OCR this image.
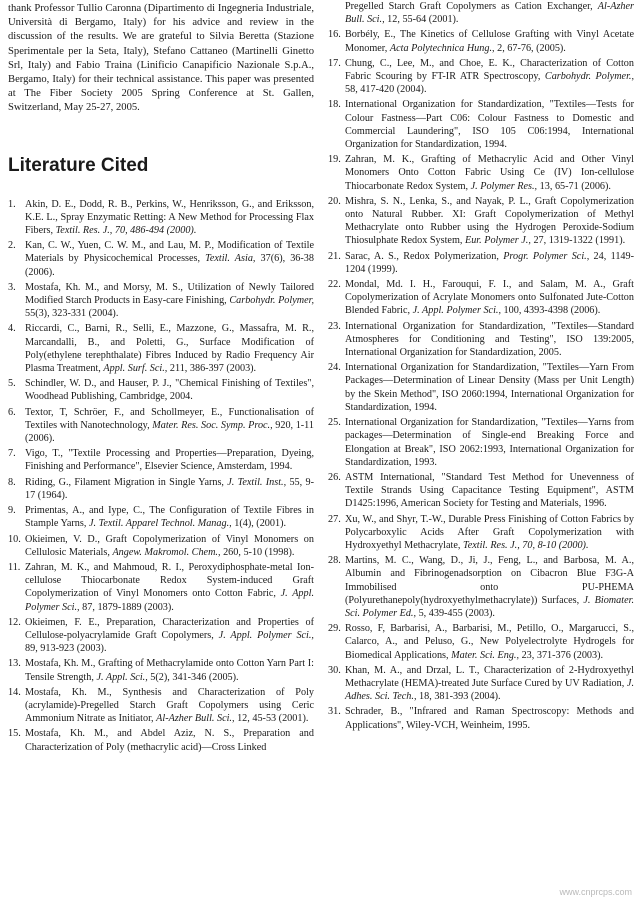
thank Professor Tullio Caronna (Dipartimento di Ingegneria Industriale, Università di Bergamo, Italy) for his advice and review in the discussion of the results. We are grateful to Silvia Beretta (Stazione Sperimentale per la Seta, Italy), Stefano Cattaneo (Martinelli Ginetto Srl, Italy) and Fabio Traina (Linificio Canapificio Nazionale S.p.A., Bergamo, Italy) for their technical assistance. This paper was presented at The Fiber Society 2005 Spring Conference at St. Gallen, Switzerland, May 25-27, 2005.

Literature Cited
1. Akin, D. E., Dodd, R. B., Perkins, W., Henriksson, G., and Eriksson, K.E. L., Spray Enzymatic Retting: A New Method for Processing Flax Fibers, Textil. Res. J., 70, 486-494 (2000).
2. Kan, C. W., Yuen, C. W. M., and Lau, M. P., Modification of Textile Materials by Physicochemical Processes, Textil. Asia, 37(6), 36-38 (2006).
3. Mostafa, Kh. M., and Morsy, M. S., Utilization of Newly Tailored Modified Starch Products in Easy-care Finishing, Carbohydr. Polymer, 55(3), 323-331 (2004).
4. Riccardi, C., Barni, R., Selli, E., Mazzone, G., Massafra, M. R., Marcandalli, B., and Poletti, G., Surface Modification of Poly(ethylene terephthalate) Fibres Induced by Radio Frequency Air Plasma Treatment, Appl. Surf. Sci., 211, 386-397 (2003).
5. Schindler, W. D., and Hauser, P. J., "Chemical Finishing of Textiles", Woodhead Publishing, Cambridge, 2004.
6. Textor, T, Schröer, F., and Schollmeyer, E., Functionalisation of Textiles with Nanotechnology, Mater. Res. Soc. Symp. Proc., 920, 1-11 (2006).
7. Vigo, T., "Textile Processing and Properties—Preparation, Dyeing, Finishing and Performance", Elsevier Science, Amsterdam, 1994.
8. Riding, G., Filament Migration in Single Yarns, J. Textil. Inst., 55, 9-17 (1964).
9. Primentas, A., and Iype, C., The Configuration of Textile Fibres in Stample Yarns, J. Textil. Apparel Technol. Manag., 1(4), (2001).
10. Okieimen, V. D., Graft Copolymerization of Vinyl Monomers on Cellulosic Materials, Angew. Makromol. Chem., 260, 5-10 (1998).
11. Zahran, M. K., and Mahmoud, R. I., Peroxydiphosphate-metal Ion-cellulose Thiocarbonate Redox System-induced Graft Copolymerization of Vinyl Monomers onto Cotton Fabric, J. Appl. Polymer Sci., 87, 1879-1889 (2003).
12. Okieimen, F. E., Preparation, Characterization and Properties of Cellulose-polyacrylamide Graft Copolymers, J. Appl. Polymer Sci., 89, 913-923 (2003).
13. Mostafa, Kh. M., Grafting of Methacrylamide onto Cotton Yarn Part I: Tensile Strength, J. Appl. Sci., 5(2), 341-346 (2005).
14. Mostafa, Kh. M., Synthesis and Characterization of Poly (acrylamide)-Pregelled Starch Graft Copolymers using Ceric Ammonium Nitrate as Initiator, Al-Azher Bull. Sci., 12, 45-53 (2001).
15. Mostafa, Kh. M., and Abdel Aziz, N. S., Preparation and Characterization of Poly (methacrylic acid)—Cross Linked
Pregelled Starch Graft Copolymers as Cation Exchanger, Al-Azher Bull. Sci., 12, 55-64 (2001).
16. Borbély, E., The Kinetics of Cellulose Grafting with Vinyl Acetate Monomer, Acta Polytechnica Hung., 2, 67-76, (2005).
17. Chung, C., Lee, M., and Choe, E. K., Characterization of Cotton Fabric Scouring by FT-IR ATR Spectroscopy, Carbohydr. Polymer., 58, 417-420 (2004).
18. International Organization for Standardization, "Textiles—Tests for Colour Fastness—Part C06: Colour Fastness to Domestic and Commercial Laundering", ISO 105 C06:1994, International Organization for Standardization, 1994.
19. Zahran, M. K., Grafting of Methacrylic Acid and Other Vinyl Monomers Onto Cotton Fabric Using Ce (IV) Ion-cellulose Thiocarbonate Redox System, J. Polymer Res., 13, 65-71 (2006).
20. Mishra, S. N., Lenka, S., and Nayak, P. L., Graft Copolymerization onto Natural Rubber. XI: Graft Copolymerization of Methyl Methacrylate onto Rubber using the Hydrogen Peroxide-Sodium Thiosulphate Redox System, Eur. Polymer J., 27, 1319-1322 (1991).
21. Sarac, A. S., Redox Polymerization, Progr. Polymer Sci., 24, 1149-1204 (1999).
22. Mondal, Md. I. H., Farouqui, F. I., and Salam, M. A., Graft Copolymerization of Acrylate Monomers onto Sulfonated Jute-Cotton Blended Fabric, J. Appl. Polymer Sci., 100, 4393-4398 (2006).
23. International Organization for Standardization, "Textiles—Standard Atmospheres for Conditioning and Testing", ISO 139:2005, International Organization for Standardization, 2005.
24. International Organization for Standardization, "Textiles—Yarn From Packages—Determination of Linear Density (Mass per Unit Length) by the Skein Method", ISO 2060:1994, International Organization for Standardization, 1994.
25. International Organization for Standardization, "Textiles—Yarns from packages—Determination of Single-end Breaking Force and Elongation at Break", ISO 2062:1993, International Organization for Standardization, 1993.
26. ASTM International, "Standard Test Method for Unevenness of Textile Strands Using Capacitance Testing Equipment", ASTM D1425:1996, American Society for Testing and Materials, 1996.
27. Xu, W., and Shyr, T.-W., Durable Press Finishing of Cotton Fabrics by Polycarboxylic Acids After Graft Copolymerization with Hydroxyethyl Methacrylate, Textil. Res. J., 70, 8-10 (2000).
28. Martins, M. C., Wang, D., Ji, J., Feng, L., and Barbosa, M. A., Albumin and Fibrinogenadsorption on Cibacron Blue F3G-A Immobilised onto PU-PHEMA (Polyurethanepoly(hydroxyethylmethacrylate)) Surfaces, J. Biomater. Sci. Polymer Ed., 5, 439-455 (2003).
29. Rosso, F, Barbarisi, A., Barbarisi, M., Petillo, O., Margarucci, S., Calarco, A., and Peluso, G., New Polyelectrolyte Hydrogels for Biomedical Applications, Mater. Sci. Eng., 23, 371-376 (2003).
30. Khan, M. A., and Drzal, L. T., Characterization of 2-Hydroxyethyl Methacrylate (HEMA)-treated Jute Surface Cured by UV Radiation, J. Adhes. Sci. Tech., 18, 381-393 (2004).
31. Schrader, B., "Infrared and Raman Spectroscopy: Methods and Applications", Wiley-VCH, Weinheim, 1995.
www.cnprcps.com
